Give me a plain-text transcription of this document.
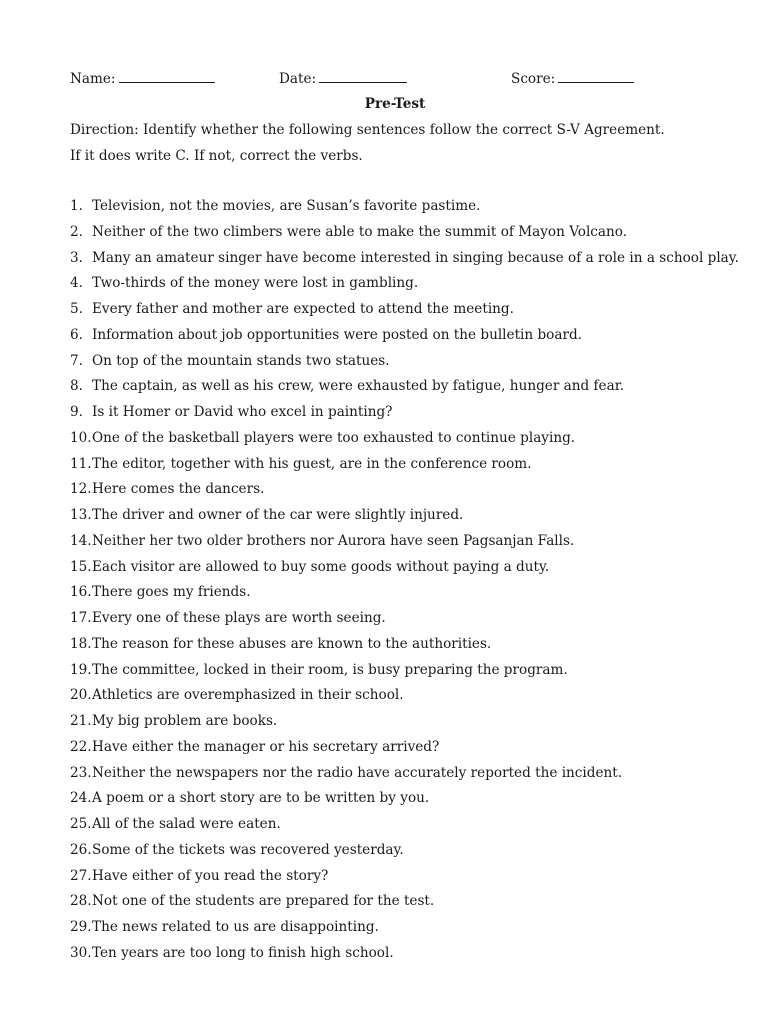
Name:	Date:	Score:
Pre-Test
Direction: Identify whether the following sentences follow the correct S-V Agreement.
If it does write C. If not, correct the verbs.
1. Television, not the movies, are Susan’s favorite pastime.
2. Neither of the two climbers were able to make the summit of Mayon Volcano.
3. Many an amateur singer have become interested in singing because of a role in a school play.
4. Two-thirds of the money were lost in gambling.
5. Every father and mother are expected to attend the meeting.
6. Information about job opportunities were posted on the bulletin board.
7. On top of the mountain stands two statues.
8. The captain, as well as his crew, were exhausted by fatigue, hunger and fear.
9. Is it Homer or David who excel in painting?
10.One of the basketball players were too exhausted to continue playing.
11.The editor, together with his guest, are in the conference room.
12.Here comes the dancers.
13.The driver and owner of the car were slightly injured.
14.Neither her two older brothers nor Aurora have seen Pagsanjan Falls.
15.Each visitor are allowed to buy some goods without paying a duty.
16.There goes my friends.
17.Every one of these plays are worth seeing.
18.The reason for these abuses are known to the authorities.
19.The committee, locked in their room, is busy preparing the program.
20.Athletics are overemphasized in their school.
21.My big problem are books.
22.Have either the manager or his secretary arrived?
23.Neither the newspapers nor the radio have accurately reported the incident.
24.A poem or a short story are to be written by you.
25.All of the salad were eaten.
26.Some of the tickets was recovered yesterday.
27.Have either of you read the story?
28.Not one of the students are prepared for the test.
29.The news related to us are disappointing.
30.Ten years are too long to finish high school.
